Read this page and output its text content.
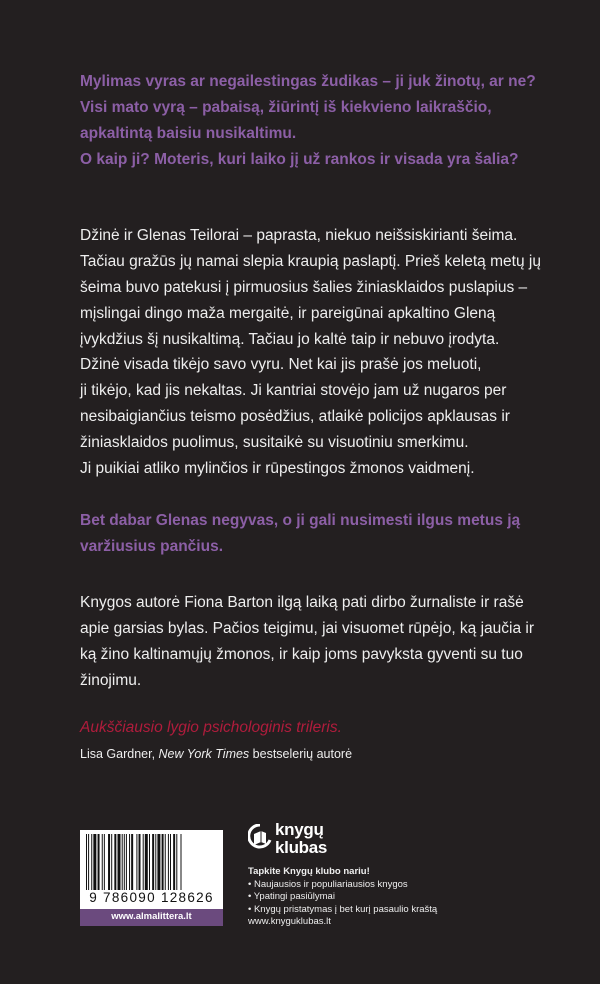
Mylimas vyras ar negailestingas žudikas – ji juk žinotų, ar ne?
Visi mato vyrą – pabaisą, žiūrintį iš kiekvieno laikraščio,
apkaltintą baisiu nusikaltimu.
O kaip ji? Moteris, kuri laiko jį už rankos ir visada yra šalia?
Džinė ir Glenas Teilorai – paprasta, niekuo neišsiskirianti šeima.
Tačiau gražūs jų namai slepia kraupią paslaptį. Prieš keletą metų jų
šeima buvo patekusi į pirmuosius šalies žiniasklaidos puslapius –
mįslingai dingo maža mergaitė, ir pareigūnai apkaltino Gleną
įvykdžius šį nusikaltimą. Tačiau jo kaltė taip ir nebuvo įrodyta.
Džinė visada tikėjo savo vyru. Net kai jis prašė jos meluoti,
ji tikėjo, kad jis nekaltas. Ji kantriai stovėjo jam už nugaros per
nesibaigiančius teismo posėdžius, atlaikė policijos apklausas ir
žiniasklaidos puolimus, susitaikė su visuotiniu smerkimu.
Ji puikiai atliko mylinčios ir rūpestingos žmonos vaidmenį.
Bet dabar Glenas negyvas, o ji gali nusimesti ilgus metus ją
varžiusius pančius.
Knygos autorė Fiona Barton ilgą laiką pati dirbo žurnaliste ir rašė
apie garsias bylas. Pačios teigimu, jai visuomet rūpėjo, ką jaučia ir
ką žino kaltinamųjų žmonos, ir kaip joms pavyksta gyventi su tuo
žinojimu.
Aukščiausio lygio psichologinis trileris.
Lisa Gardner, New York Times bestselerių autorė
9 786090 128626
www.almalittera.lt
knygų
klubas
Tapkite Knygų klubo nariu!
• Naujausios ir populiariausios knygos
• Ypatingi pasiūlymai
• Knygų pristatymas į bet kurį pasaulio kraštą
www.knyguklubas.lt
